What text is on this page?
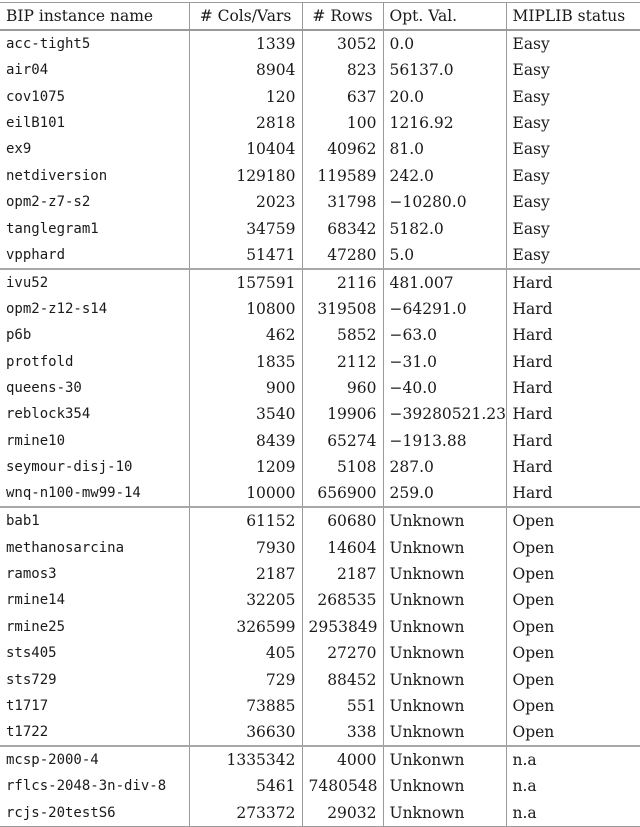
BIP instance name	# Cols/Vars	# Rows	Opt. Val.	MIPLIB status
acc-tight5	1339	3052	0.0	Easy
air04	8904	823	56137.0	Easy
cov1075	120	637	20.0	Easy
eilB101	2818	100	1216.92	Easy
ex9	10404	40962	81.0	Easy
netdiversion	129180	119589	242.0	Easy
opm2-z7-s2	2023	31798	−10280.0	Easy
tanglegram1	34759	68342	5182.0	Easy
vpphard	51471	47280	5.0	Easy
ivu52	157591	2116	481.007	Hard
opm2-z12-s14	10800	319508	−64291.0	Hard
p6b	462	5852	−63.0	Hard
protfold	1835	2112	−31.0	Hard
queens-30	900	960	−40.0	Hard
reblock354	3540	19906	−39280521.23	Hard
rmine10	8439	65274	−1913.88	Hard
seymour-disj-10	1209	5108	287.0	Hard
wnq-n100-mw99-14	10000	656900	259.0	Hard
bab1	61152	60680	Unknown	Open
methanosarcina	7930	14604	Unknown	Open
ramos3	2187	2187	Unknown	Open
rmine14	32205	268535	Unknown	Open
rmine25	326599	2953849	Unknown	Open
sts405	405	27270	Unknown	Open
sts729	729	88452	Unknown	Open
t1717	73885	551	Unknown	Open
t1722	36630	338	Unknown	Open
mcsp-2000-4	1335342	4000	Unkonwn	n.a
rflcs-2048-3n-div-8	5461	7480548	Unknown	n.a
rcjs-20testS6	273372	29032	Unknown	n.a
